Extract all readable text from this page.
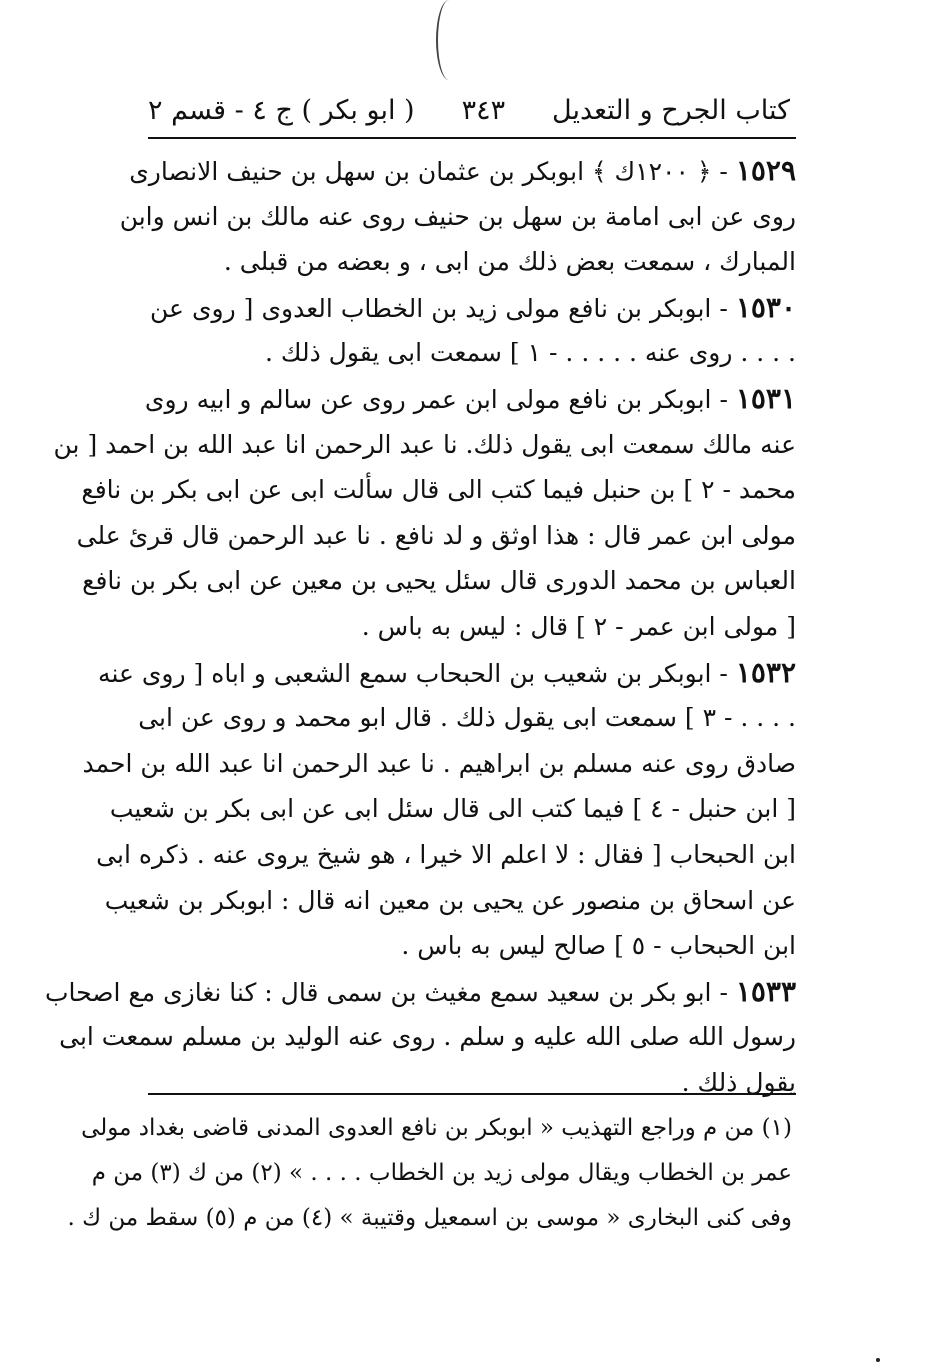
كتاب الجرح و التعديل
٣٤٣
( ابو بكر ) ج ٤ - قسم ٢
١٥٢٩ - ﴿ ١٢٠٠ك ﴾ ابوبكر بن عثمان بن سهل بن حنيف الانصارى
روى عن ابى امامة بن سهل بن حنيف روى عنه مالك بن انس وابن
المبارك ، سمعت بعض ذلك من ابى ، و بعضه من قبلى .
١٥٣٠ - ابوبكر بن نافع مولى زيد بن الخطاب العدوى [ روى عن
. . . . روى عنه . . . . . - ١ ] سمعت ابى يقول ذلك .
١٥٣١ - ابوبكر بن نافع مولى ابن عمر روى عن سالم و ابيه روى
عنه مالك سمعت ابى يقول ذلك. نا عبد الرحمن انا عبد الله بن احمد [ بن
محمد - ٢ ] بن حنبل فيما كتب الى قال سألت ابى عن ابى بكر بن نافع
مولى ابن عمر قال : هذا اوثق و لد نافع . نا عبد الرحمن قال قرئ على
العباس بن محمد الدورى قال سئل يحيى بن معين عن ابى بكر بن نافع
[ مولى ابن عمر - ٢ ] قال : ليس به باس .
١٥٣٢ - ابوبكر بن شعيب بن الحبحاب سمع الشعبى و اباه [ روى عنه
. . . . - ٣ ] سمعت ابى يقول ذلك . قال ابو محمد و روى عن ابى
صادق روى عنه مسلم بن ابراهيم . نا عبد الرحمن انا عبد الله بن احمد
[ ابن حنبل - ٤ ] فيما كتب الى قال سئل ابى عن ابى بكر بن شعيب
ابن الحبحاب [ فقال : لا اعلم الا خيرا ، هو شيخ يروى عنه . ذكره ابى
عن اسحاق بن منصور عن يحيى بن معين انه قال : ابوبكر بن شعيب
ابن الحبحاب - ٥ ] صالح ليس به باس .
١٥٣٣ - ابو بكر بن سعيد سمع مغيث بن سمى قال : كنا نغازى مع اصحاب
رسول الله صلى الله عليه و سلم . روى عنه الوليد بن مسلم سمعت ابى
يقول ذلك .
(١) من م وراجع التهذيب « ابوبكر بن نافع العدوى المدنى قاضى بغداد مولى
عمر بن الخطاب ويقال مولى زيد بن الخطاب . . . . » (٢) من ك (٣) من م
وفى كنى البخارى « موسى بن اسمعيل وقتيبة » (٤) من م (٥) سقط من ك .
